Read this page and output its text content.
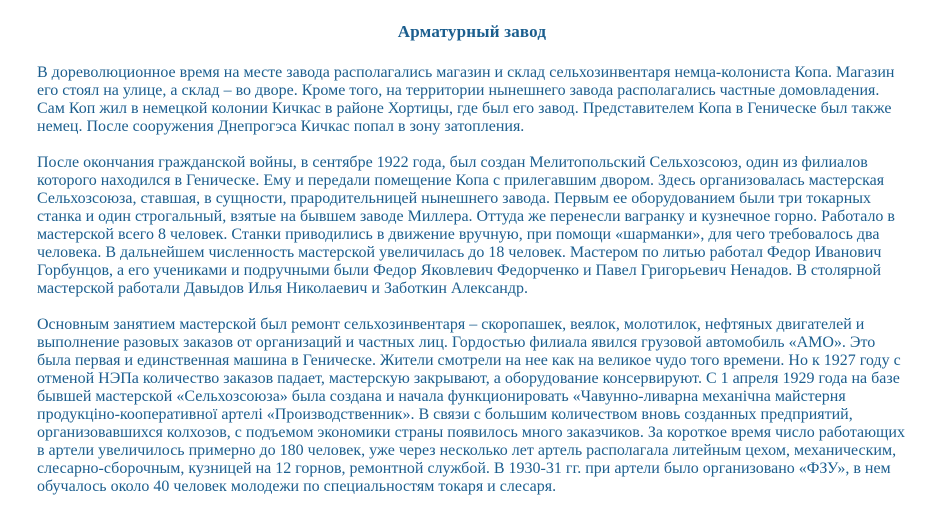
Арматурный завод

В дореволюционное время на месте завода располагались магазин и склад сельхозинвентаря немца-колониста Копа. Магазин его стоял на улице, а склад – во дворе. Кроме того, на территории нынешнего завода располагались частные домовладения. Сам Коп жил в немецкой колонии Кичкас в районе Хортицы, где был его завод. Представителем Копа в Геническе был также немец. После сооружения Днепрогэса Кичкас попал в зону затопления.

После окончания гражданской войны, в сентябре 1922 года, был создан Мелитопольский Сельхозсоюз, один из филиалов которого находился в Геническе. Ему и передали помещение Копа с прилегавшим двором. Здесь организовалась мастерская Сельхозсоюза, ставшая, в сущности, прародительницей нынешнего завода. Первым ее оборудованием были три токарных станка и один строгальный, взятые на бывшем заводе Миллера. Оттуда же перенесли вагранку и кузнечное горно. Работало в мастерской всего 8 человек. Станки приводились в движение вручную, при помощи «шарманки», для чего требовалось два человека. В дальнейшем численность мастерской увеличилась до 18 человек. Мастером по литью работал Федор Иванович Горбунцов, а его учениками и подручными были Федор Яковлевич Федорченко и Павел Григорьевич Ненадов. В столярной мастерской работали Давыдов Илья Николаевич и Заботкин Александр.

Основным занятием мастерской был ремонт сельхозинвентаря – скоропашек, веялок, молотилок, нефтяных двигателей и выполнение разовых заказов от организаций и частных лиц. Гордостью филиала явился грузовой автомобиль «АМО». Это была первая и единственная машина в Геническе. Жители смотрели на нее как на великое чудо того времени. Но к 1927 году с отменой НЭПа количество заказов падает, мастерскую закрывают, а оборудование консервируют. С 1 апреля 1929 года на базе бывшей мастерской «Сельхозсоюза» была создана и начала функционировать «Чавунно-ливарна механічна майстерня продукціно-кооперативної артелі «Производственник». В связи с большим количеством вновь созданных предприятий, организовавшихся колхозов, с подъемом экономики страны появилось много заказчиков. За короткое время число работающих в артели увеличилось примерно до 180 человек, уже через несколько лет артель располагала литейным цехом, механическим, слесарно-сборочным, кузницей на 12 горнов, ремонтной службой. В 1930-31 гг. при артели было организовано «ФЗУ», в нем обучалось около 40 человек молодежи по специальностям токаря и слесаря.
